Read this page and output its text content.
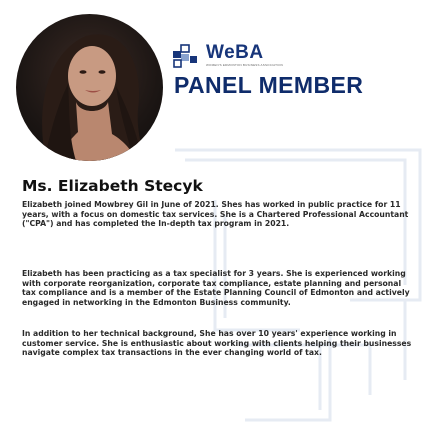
WeBA
WOMEN'S EDMONTON BUSINESS ASSOCIATION
PANEL MEMBER
Ms. Elizabeth Stecyk
Elizabeth joined Mowbrey Gil in June of 2021. Shes has worked in public practice for 11 years, with a focus on domestic tax services. She is a Chartered Professional Accountant ("CPA") and has completed the In-depth tax program in 2021.
Elizabeth has been practicing as a tax specialist for 3 years. She is experienced working with corporate reorganization, corporate tax compliance, estate planning and personal tax compliance and is a member of the Estate Planning Council of Edmonton and actively engaged in networking in the Edmonton Business community.
In addition to her technical background, She has over 10 years' experience working in customer service. She is enthusiastic about working with clients helping their businesses navigate complex tax transactions in the ever changing world of tax.
